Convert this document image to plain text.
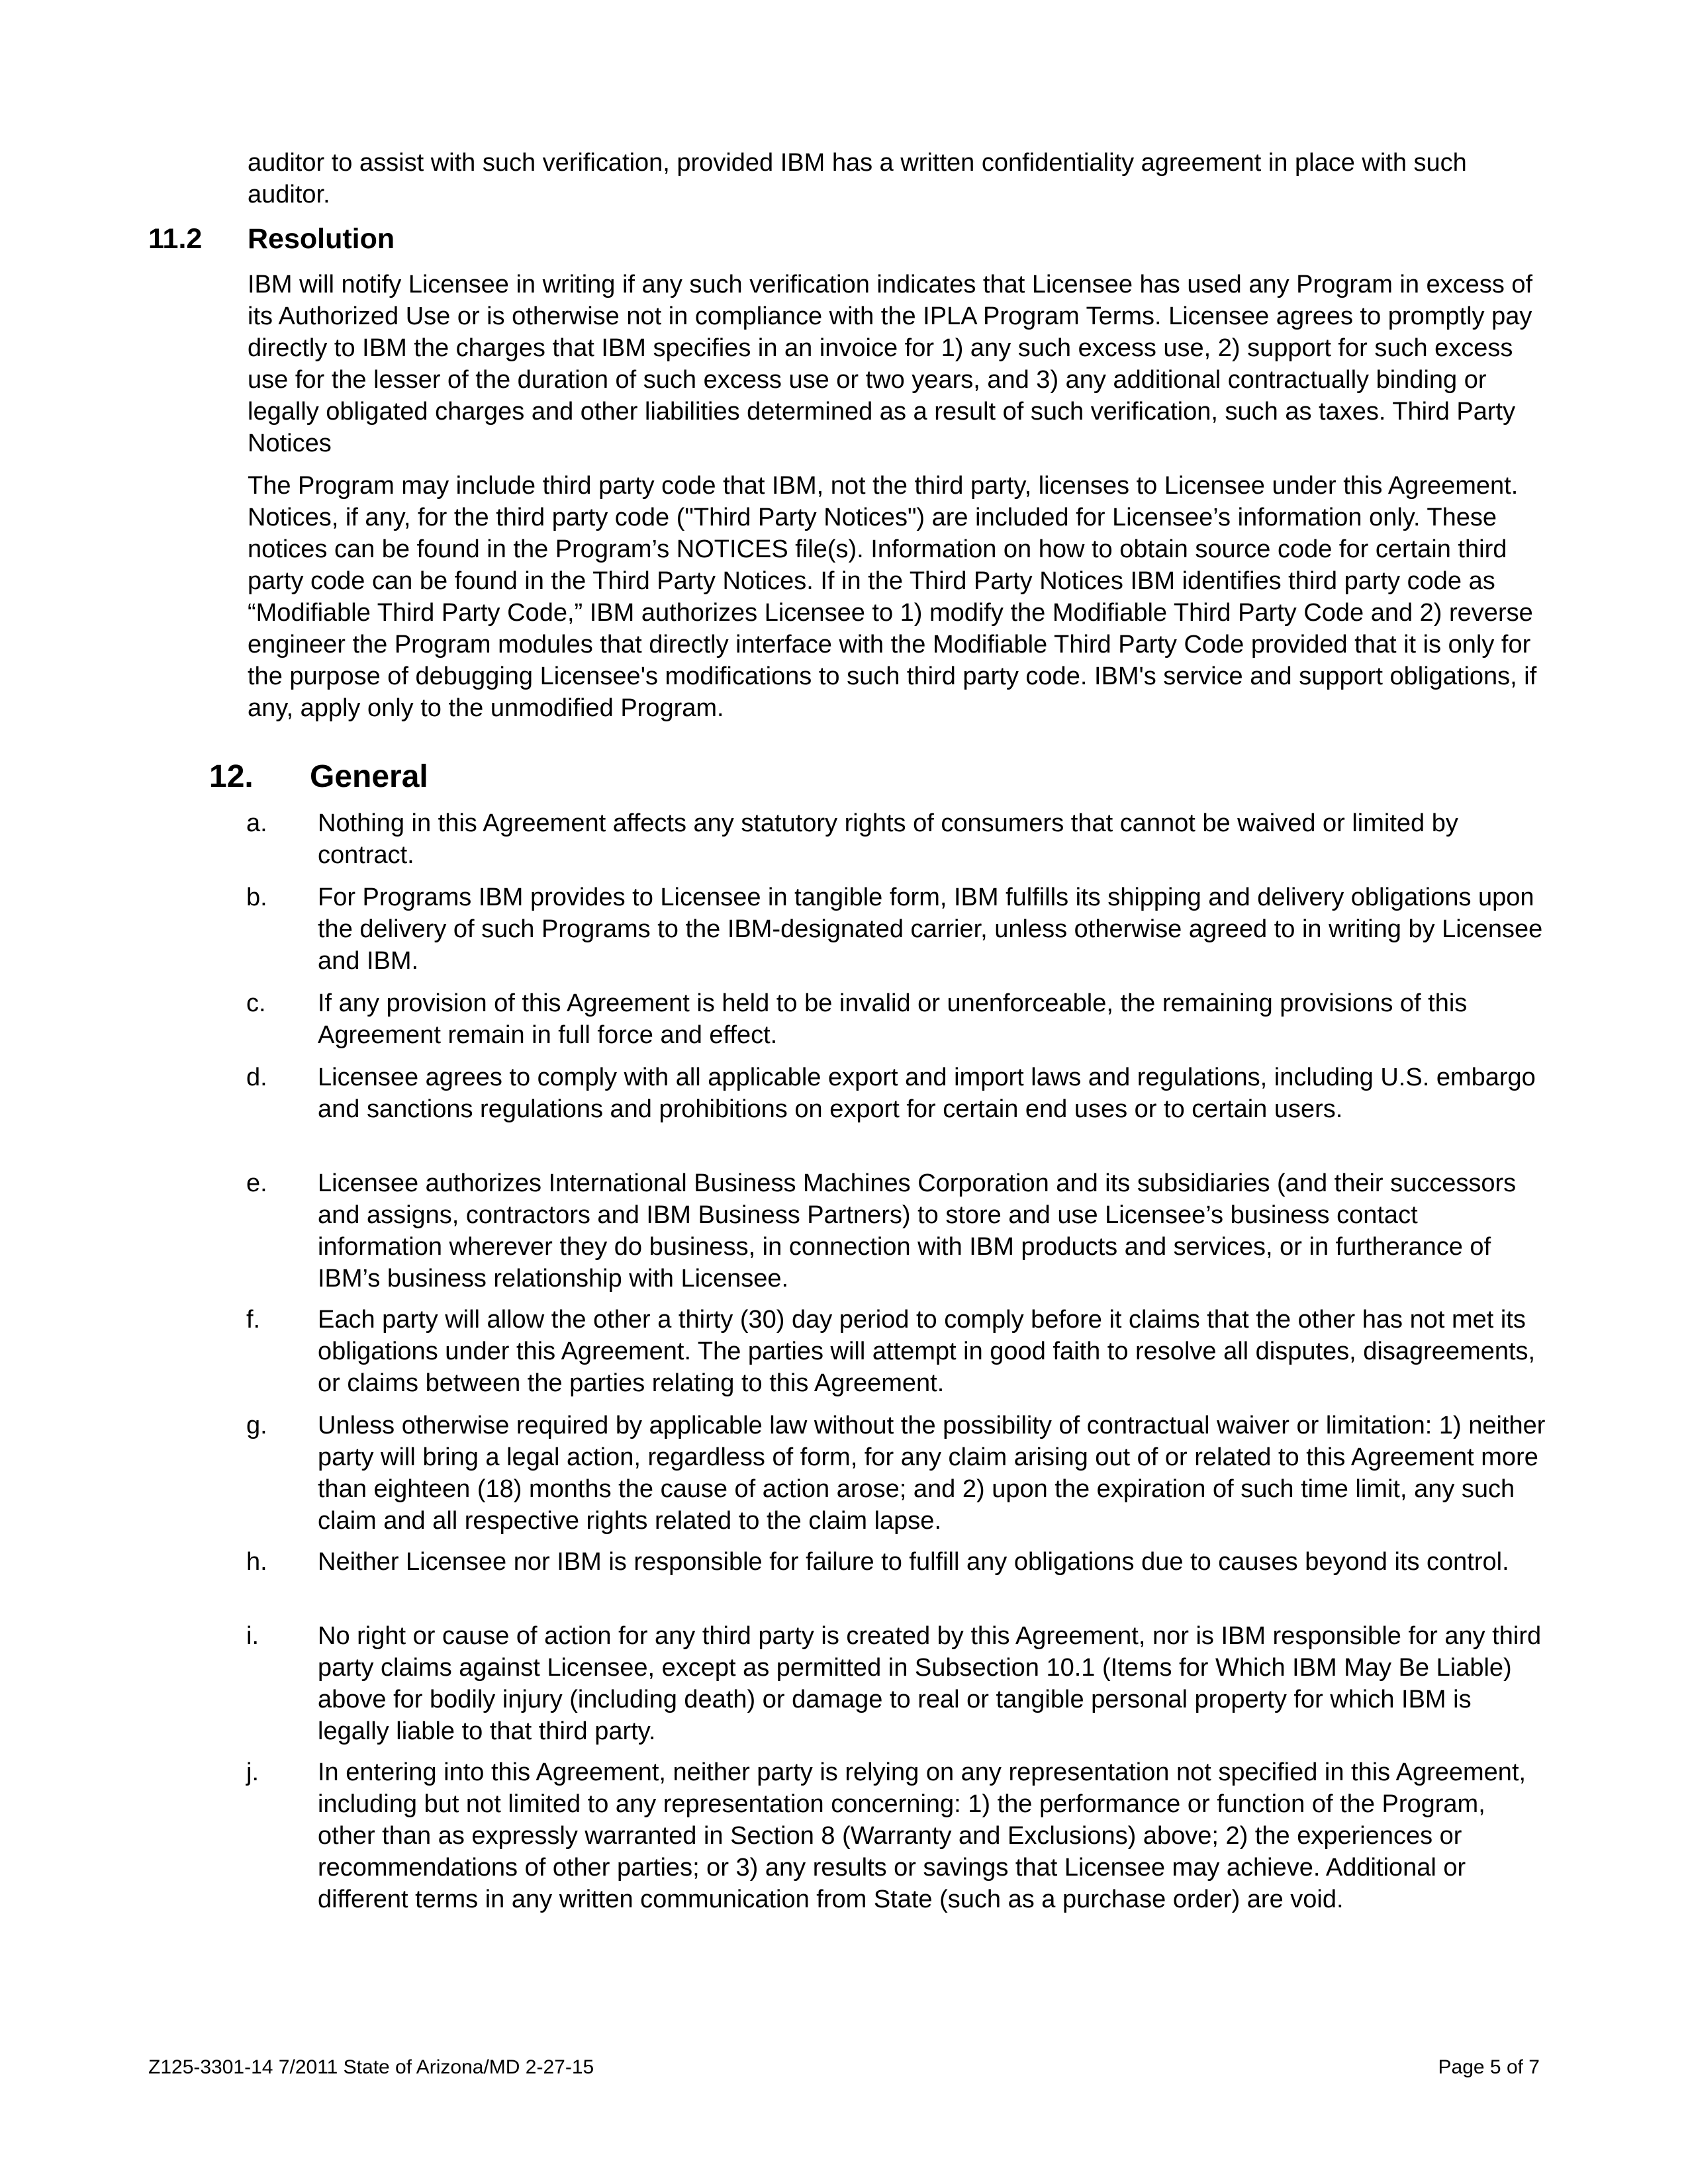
auditor to assist with such verification, provided IBM has a written confidentiality agreement in place with such auditor.

11.2 Resolution

IBM will notify Licensee in writing if any such verification indicates that Licensee has used any Program in excess of its Authorized Use or is otherwise not in compliance with the IPLA Program Terms. Licensee agrees to promptly pay directly to IBM the charges that IBM specifies in an invoice for 1) any such excess use, 2) support for such excess use for the lesser of the duration of such excess use or two years, and 3) any additional contractually binding or legally obligated charges and other liabilities determined as a result of such verification, such as taxes. Third Party Notices

The Program may include third party code that IBM, not the third party, licenses to Licensee under this Agreement. Notices, if any, for the third party code ("Third Party Notices") are included for Licensee’s information only. These notices can be found in the Program’s NOTICES file(s). Information on how to obtain source code for certain third party code can be found in the Third Party Notices. If in the Third Party Notices IBM identifies third party code as “Modifiable Third Party Code,” IBM authorizes Licensee to 1) modify the Modifiable Third Party Code and 2) reverse engineer the Program modules that directly interface with the Modifiable Third Party Code provided that it is only for the purpose of debugging Licensee's modifications to such third party code. IBM's service and support obligations, if any, apply only to the unmodified Program.

12. General
a.	Nothing in this Agreement affects any statutory rights of consumers that cannot be waived or limited by contract.
b.	For Programs IBM provides to Licensee in tangible form, IBM fulfills its shipping and delivery obligations upon the delivery of such Programs to the IBM-designated carrier, unless otherwise agreed to in writing by Licensee and IBM.
c.	If any provision of this Agreement is held to be invalid or unenforceable, the remaining provisions of this Agreement remain in full force and effect.
d.	Licensee agrees to comply with all applicable export and import laws and regulations, including U.S. embargo and sanctions regulations and prohibitions on export for certain end uses or to certain users.
e.	Licensee authorizes International Business Machines Corporation and its subsidiaries (and their successors and assigns, contractors and IBM Business Partners) to store and use Licensee’s business contact information wherever they do business, in connection with IBM products and services, or in furtherance of IBM’s business relationship with Licensee.
f.	Each party will allow the other a thirty (30) day period to comply before it claims that the other has not met its obligations under this Agreement. The parties will attempt in good faith to resolve all disputes, disagreements, or claims between the parties relating to this Agreement.
g.	Unless otherwise required by applicable law without the possibility of contractual waiver or limitation: 1) neither party will bring a legal action, regardless of form, for any claim arising out of or related to this Agreement more than eighteen (18) months the cause of action arose; and 2) upon the expiration of such time limit, any such claim and all respective rights related to the claim lapse.
h.	Neither Licensee nor IBM is responsible for failure to fulfill any obligations due to causes beyond its control.
i.	No right or cause of action for any third party is created by this Agreement, nor is IBM responsible for any third party claims against Licensee, except as permitted in Subsection 10.1 (Items for Which IBM May Be Liable) above for bodily injury (including death) or damage to real or tangible personal property for which IBM is legally liable to that third party.
j.	In entering into this Agreement, neither party is relying on any representation not specified in this Agreement, including but not limited to any representation concerning: 1) the performance or function of the Program, other than as expressly warranted in Section 8 (Warranty and Exclusions) above; 2) the experiences or recommendations of other parties; or 3) any results or savings that Licensee may achieve. Additional or different terms in any written communication from State (such as a purchase order) are void.
Z125-3301-14 7/2011 State of Arizona/MD 2-27-15	Page 5 of 7
